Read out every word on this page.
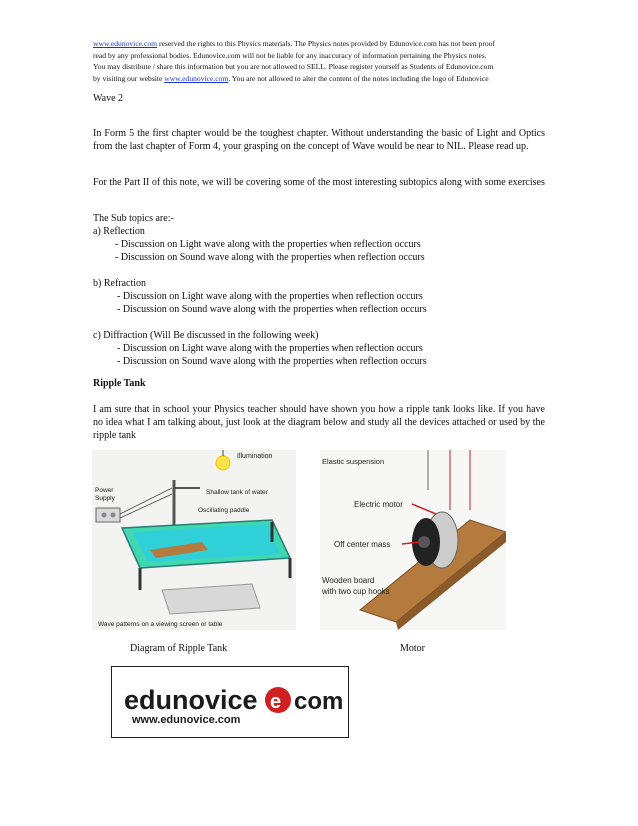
www.edunovice.com reserved the rights to this Physics materials. The Physics notes provided by Edunovice.com has not been proof
read by any professional bodies. Edunovice.com will not be liable for any inaccuracy of information pertaining the Physics notes.
You may distribute / share this information but you are not allowed to SELL. Please register yourself as Students of Edunovice.com
by visiting our website www.edunovice.com. You are not allowed to alter the content of the notes including the logo of Edunovice
Wave 2
In Form 5 the first chapter would be the toughest chapter. Without understanding the basic of Light and Optics from the last chapter of Form 4, your grasping on the concept of Wave would be near to NIL. Please read up.
For the Part II of this note, we will be covering some of the most interesting subtopics along with some exercises
The Sub topics are:-
a) Reflection
- Discussion on Light wave along with the properties when reflection occurs
- Discussion on Sound wave along with the properties when reflection occurs
b) Refraction
- Discussion on Light wave along with the properties when reflection occurs
- Discussion on Sound wave along with the properties when reflection occurs
c) Diffraction (Will Be discussed in the following week)
- Discussion on Light wave along with the properties when reflection occurs
- Discussion on Sound wave along with the properties when reflection occurs
Ripple Tank
I am sure that in school your Physics teacher should have shown you how a ripple tank looks like. If you have no idea what I am talking about, just look at the diagram below and study all the devices attached or used by the ripple tank
Illumination
Power Supply
Shallow tank of water
Oscillating paddle
Wave patterns on a viewing screen or table
Elastic suspension
Electric motor
Off center mass
Wooden board with two cup hooks
Diagram of Ripple Tank	Motor
edunovice e com
www.edunovice.com
